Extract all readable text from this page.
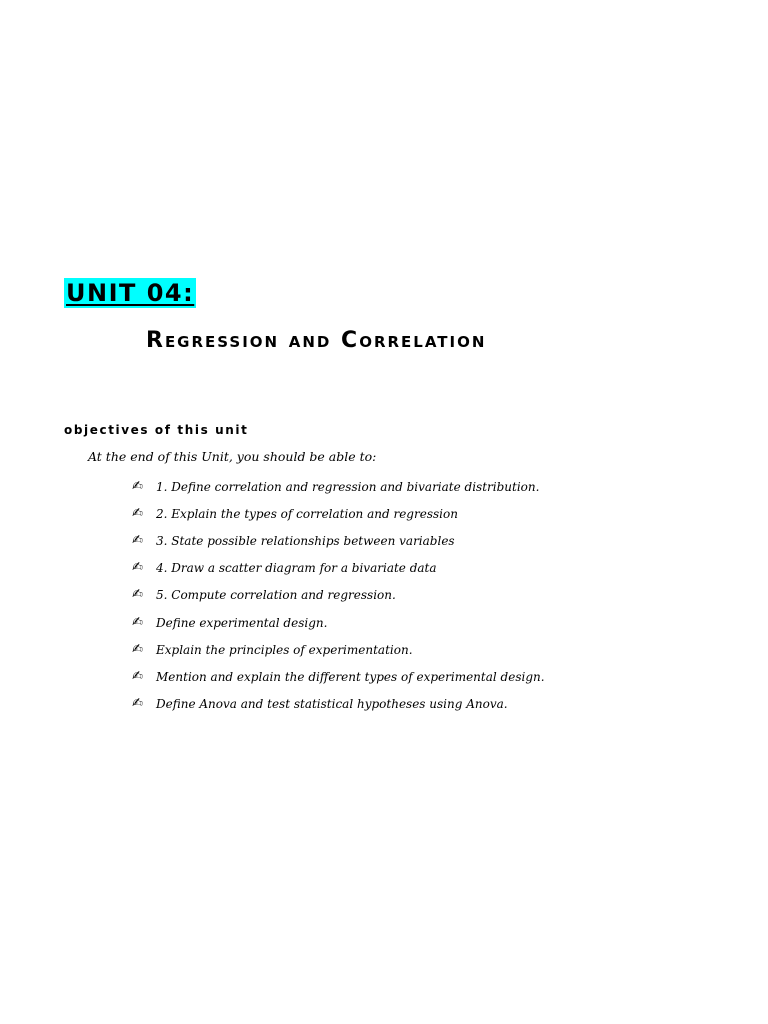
UNIT 04:
Regression and Correlation
objectives of this unit
At the end of this Unit, you should be able to:
✍ 1. Define correlation and regression and bivariate distribution.
✍ 2. Explain the types of correlation and regression
✍ 3. State possible relationships between variables
✍ 4. Draw a scatter diagram for a bivariate data
✍ 5. Compute correlation and regression.
✍ Define experimental design.
✍ Explain the principles of experimentation.
✍ Mention and explain the different types of experimental design.
✍ Define Anova and test statistical hypotheses using Anova.
